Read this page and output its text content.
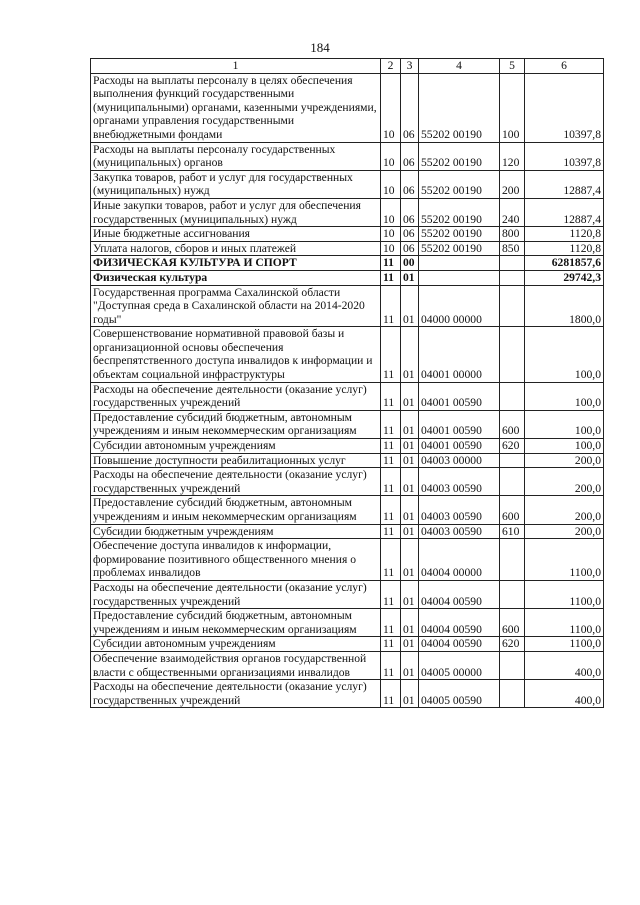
184
1	2	3	4	5	6
Расходы на выплаты персоналу в целях обеспечения выполнения функций государственными (муниципальными) органами, казенными учреждениями, органами управления государственными внебюджетными фондами	10	06	55202 00190	100	10397,8
Расходы на выплаты персоналу государственных (муниципальных) органов	10	06	55202 00190	120	10397,8
Закупка товаров, работ и услуг для государственных (муниципальных) нужд	10	06	55202 00190	200	12887,4
Иные закупки товаров, работ и услуг для обеспечения государственных (муниципальных) нужд	10	06	55202 00190	240	12887,4
Иные бюджетные ассигнования	10	06	55202 00190	800	1120,8
Уплата налогов, сборов и иных платежей	10	06	55202 00190	850	1120,8
ФИЗИЧЕСКАЯ КУЛЬТУРА И СПОРТ	11	00			6281857,6
Физическая культура	11	01			29742,3
Государственная программа Сахалинской области "Доступная среда в Сахалинской области на 2014-2020 годы"	11	01	04000 00000		1800,0
Совершенствование нормативной правовой базы и организационной основы обеспечения беспрепятственного доступа инвалидов к информации и объектам социальной инфраструктуры	11	01	04001 00000		100,0
Расходы на обеспечение деятельности (оказание услуг) государственных учреждений	11	01	04001 00590		100,0
Предоставление субсидий бюджетным, автономным учреждениям и иным некоммерческим организациям	11	01	04001 00590	600	100,0
Субсидии автономным учреждениям	11	01	04001 00590	620	100,0
Повышение доступности реабилитационных услуг	11	01	04003 00000		200,0
Расходы на обеспечение деятельности (оказание услуг) государственных учреждений	11	01	04003 00590		200,0
Предоставление субсидий бюджетным, автономным учреждениям и иным некоммерческим организациям	11	01	04003 00590	600	200,0
Субсидии бюджетным учреждениям	11	01	04003 00590	610	200,0
Обеспечение доступа инвалидов к информации, формирование позитивного общественного мнения о проблемах инвалидов	11	01	04004 00000		1100,0
Расходы на обеспечение деятельности (оказание услуг) государственных учреждений	11	01	04004 00590		1100,0
Предоставление субсидий бюджетным, автономным учреждениям и иным некоммерческим организациям	11	01	04004 00590	600	1100,0
Субсидии автономным учреждениям	11	01	04004 00590	620	1100,0
Обеспечение взаимодействия органов государственной власти с общественными организациями инвалидов	11	01	04005 00000		400,0
Расходы на обеспечение деятельности (оказание услуг) государственных учреждений	11	01	04005 00590		400,0
